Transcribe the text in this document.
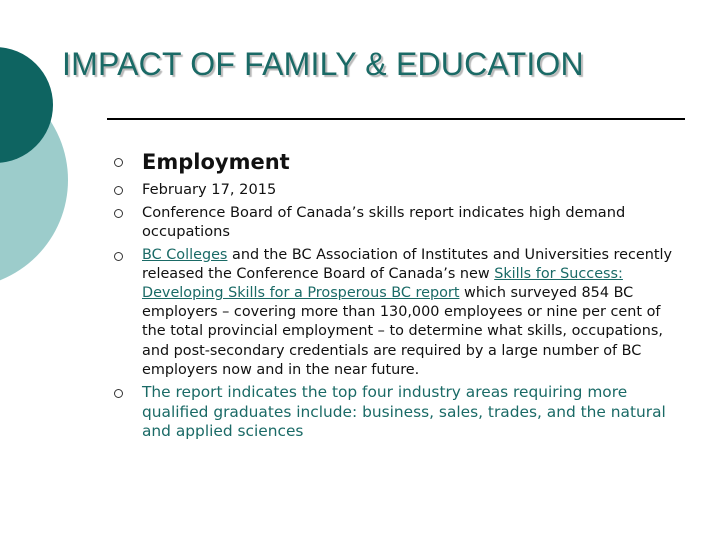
IMPACT OF FAMILY & EDUCATION
Employment
February 17, 2015
Conference Board of Canada’s skills report indicates high demand occupations
BC Colleges and the BC Association of Institutes and Universities recently released the Conference Board of Canada’s new Skills for Success: Developing Skills for a Prosperous BC report which surveyed 854 BC employers – covering more than 130,000 employees or nine per cent of the total provincial employment – to determine what skills, occupations, and post-secondary credentials are required by a large number of BC employers now and in the near future.
The report indicates the top four industry areas requiring more qualified graduates include: business, sales, trades, and the natural and applied sciences
